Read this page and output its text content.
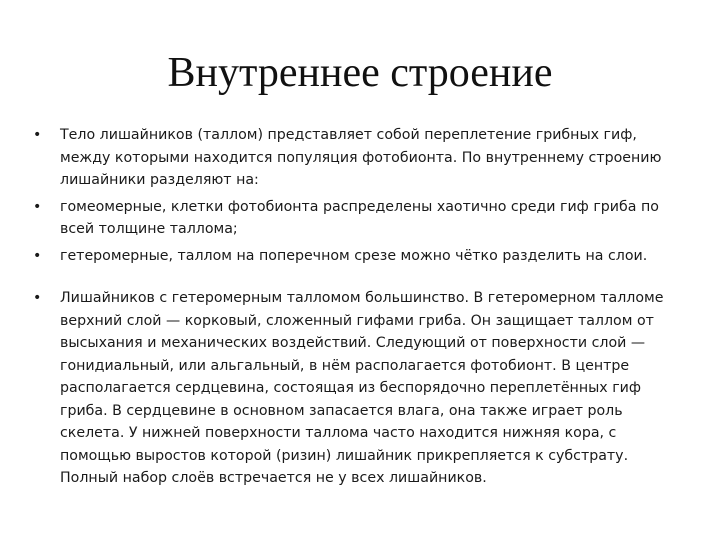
Внутреннее строение
•	Тело лишайников (таллом) представляет собой переплетение грибных гиф, между которыми находится популяция фотобионта. По внутреннему строению лишайники разделяют на:
•	гомеомерные, клетки фотобионта распределены хаотично среди гиф гриба по всей толщине таллома;
•	гетеромерные, таллом на поперечном срезе можно чётко разделить на слои.
•	Лишайников с гетеромерным талломом большинство. В гетеромерном талломе верхний слой — корковый, сложенный гифами гриба. Он защищает таллом от высыхания и механических воздействий. Следующий от поверхности слой — гонидиальный, или альгальный, в нём располагается фотобионт. В центре располагается сердцевина, состоящая из беспорядочно переплетённых гиф гриба. В сердцевине в основном запасается влага, она также играет роль скелета. У нижней поверхности таллома часто находится нижняя кора, с помощью выростов которой (ризин) лишайник прикрепляется к субстрату. Полный набор слоёв встречается не у всех лишайников.
